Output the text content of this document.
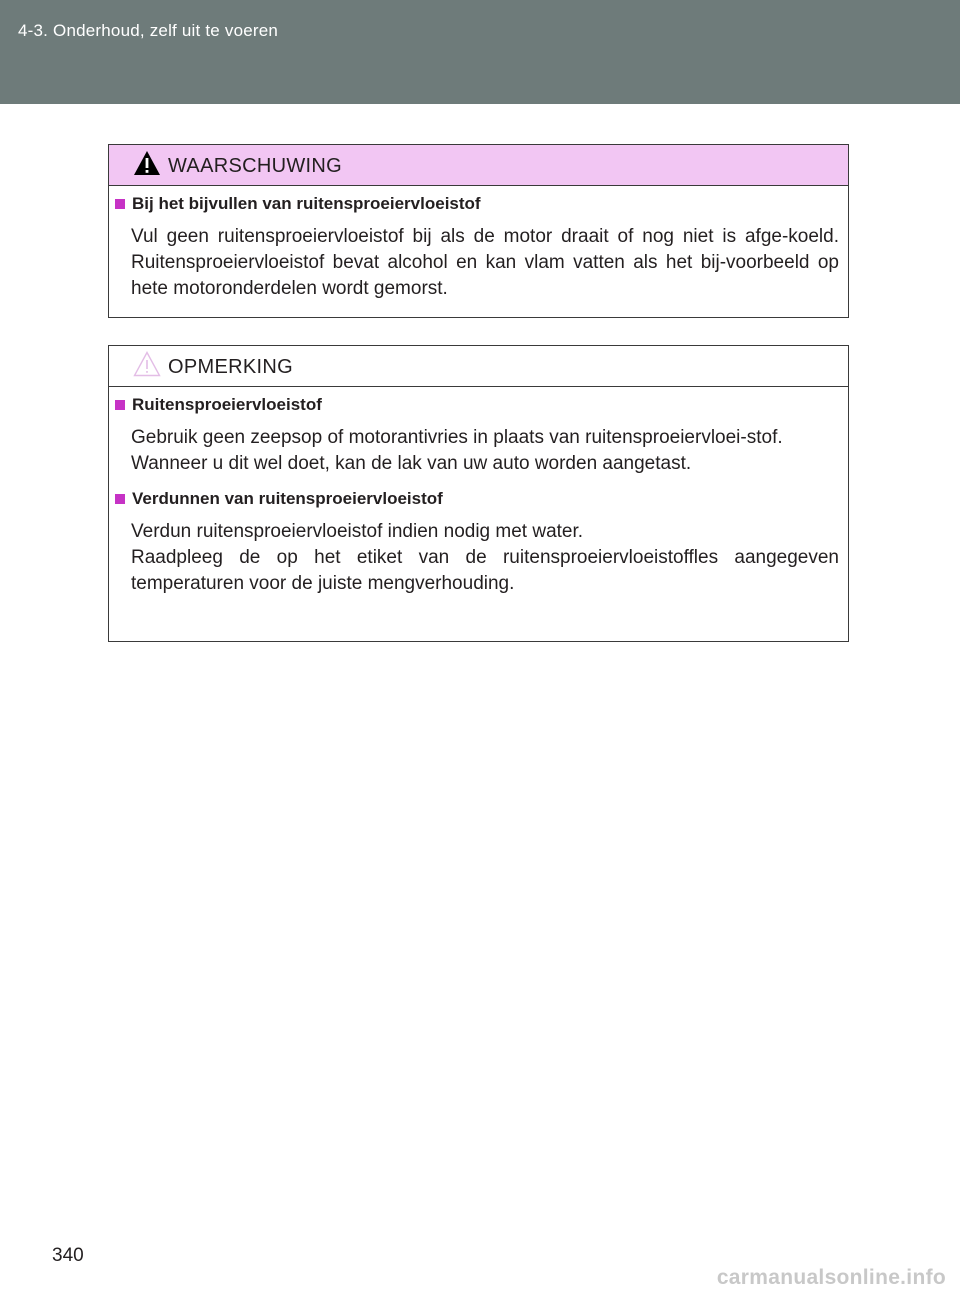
4-3. Onderhoud, zelf uit te voeren
WAARSCHUWING
Bij het bijvullen van ruitensproeiervloeistof

Vul geen ruitensproeiervloeistof bij als de motor draait of nog niet is afge-koeld. Ruitensproeiervloeistof bevat alcohol en kan vlam vatten als het bij-voorbeeld op hete motoronderdelen wordt gemorst.

OPMERKING
Ruitensproeiervloeistof

Gebruik geen zeepsop of motorantivries in plaats van ruitensproeiervloei-stof.
Wanneer u dit wel doet, kan de lak van uw auto worden aangetast.

Verdunnen van ruitensproeiervloeistof

Verdun ruitensproeiervloeistof indien nodig met water.
Raadpleeg de op het etiket van de ruitensproeiervloeistoffles aangegeven temperaturen voor de juiste mengverhouding.

340
carmanualsonline.info
